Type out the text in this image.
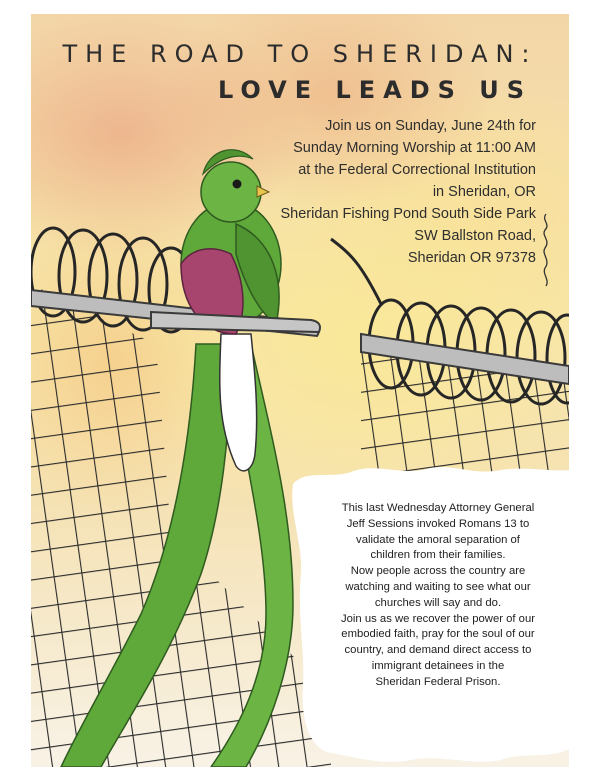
THE ROAD TO SHERIDAN:
LOVE LEADS US
Join us on Sunday, June 24th for
Sunday Morning Worship at 11:00 AM
at the Federal Correctional Institution
in Sheridan, OR
Sheridan Fishing Pond South Side Park
SW Ballston Road,
Sheridan OR 97378
This last Wednesday Attorney General
Jeff Sessions invoked Romans 13 to
validate the amoral separation of
children from their families.
Now people across the country are
watching and waiting to see what our
churches will say and do.
Join us as we recover the power of our
embodied faith, pray for the soul of our
country, and demand direct access to
immigrant detainees in the
Sheridan Federal Prison.
